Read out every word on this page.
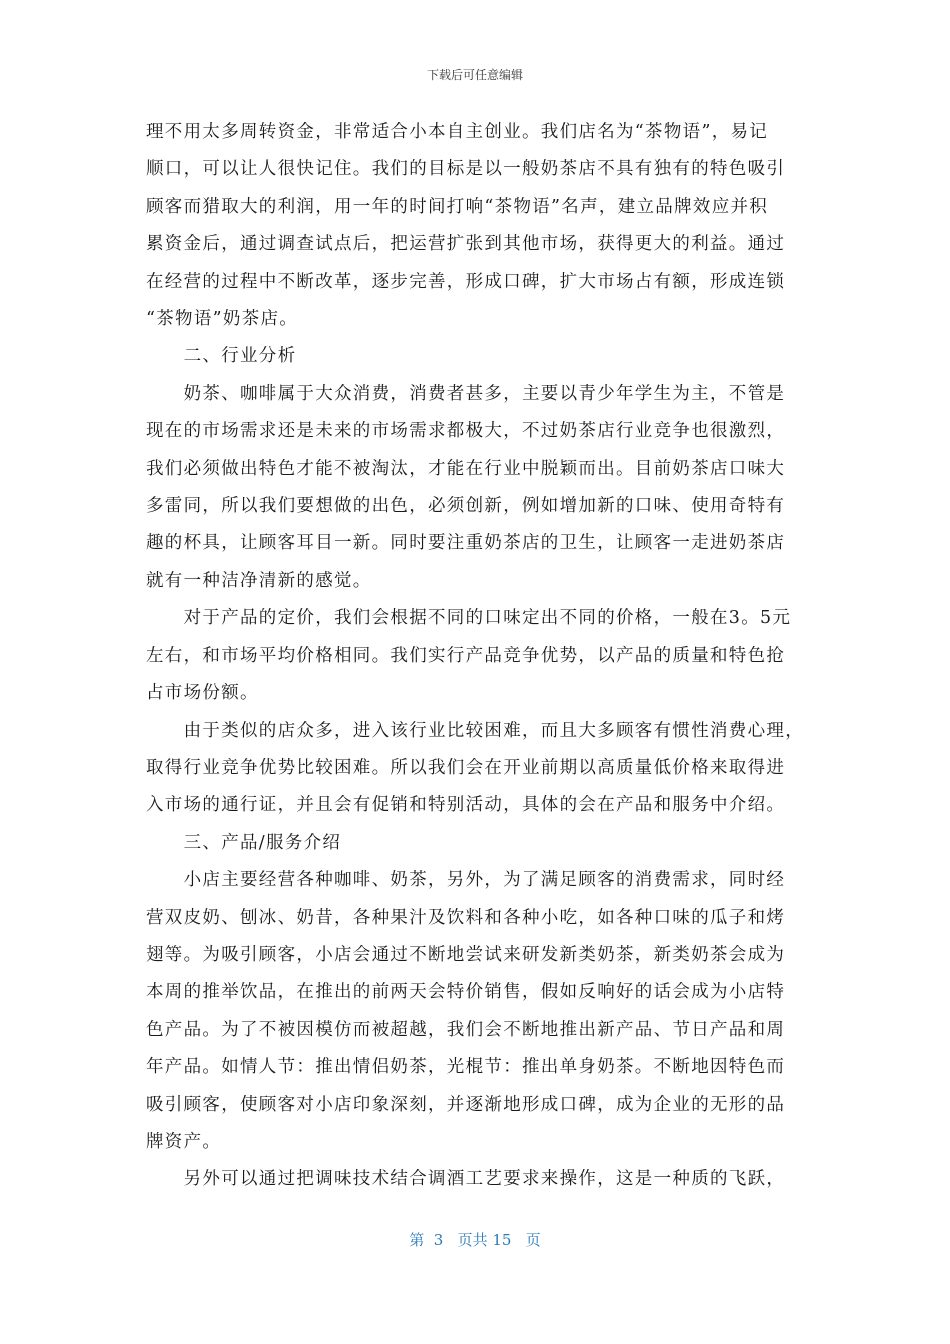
下载后可任意编辑

理不用太多周转资金，非常适合小本自主创业。我们店名为“茶物语”，易记
顺口，可以让人很快记住。我们的目标是以一般奶茶店不具有独有的特色吸引
顾客而猎取大的利润，用一年的时间打响“茶物语”名声，建立品牌效应并积
累资金后，通过调查试点后，把运营扩张到其他市场，获得更大的利益。通过
在经营的过程中不断改革，逐步完善，形成口碑，扩大市场占有额，形成连锁
“茶物语”奶茶店。

　　二、行业分析

　　奶茶、咖啡属于大众消费，消费者甚多，主要以青少年学生为主，不管是
现在的市场需求还是未来的市场需求都极大，不过奶茶店行业竞争也很激烈，
我们必须做出特色才能不被淘汰，才能在行业中脱颖而出。目前奶茶店口味大
多雷同，所以我们要想做的出色，必须创新，例如增加新的口味、使用奇特有
趣的杯具，让顾客耳目一新。同时要注重奶茶店的卫生，让顾客一走进奶茶店
就有一种洁净清新的感觉。

　　对于产品的定价，我们会根据不同的口味定出不同的价格，一般在3。5元
左右，和市场平均价格相同。我们实行产品竞争优势，以产品的质量和特色抢
占市场份额。

　　由于类似的店众多，进入该行业比较困难，而且大多顾客有惯性消费心理，
取得行业竞争优势比较困难。所以我们会在开业前期以高质量低价格来取得进
入市场的通行证，并且会有促销和特别活动，具体的会在产品和服务中介绍。

　　三、产品/服务介绍

　　小店主要经营各种咖啡、奶茶，另外，为了满足顾客的消费需求，同时经
营双皮奶、刨冰、奶昔，各种果汁及饮料和各种小吃，如各种口味的瓜子和烤
翅等。为吸引顾客，小店会通过不断地尝试来研发新类奶茶，新类奶茶会成为
本周的推举饮品，在推出的前两天会特价销售，假如反响好的话会成为小店特
色产品。为了不被因模仿而被超越，我们会不断地推出新产品、节日产品和周
年产品。如情人节：推出情侣奶茶，光棍节：推出单身奶茶。不断地因特色而
吸引顾客，使顾客对小店印象深刻，并逐渐地形成口碑，成为企业的无形的品
牌资产。

　　另外可以通过把调味技术结合调酒工艺要求来操作，这是一种质的飞跃，

第  3   页共 15   页
